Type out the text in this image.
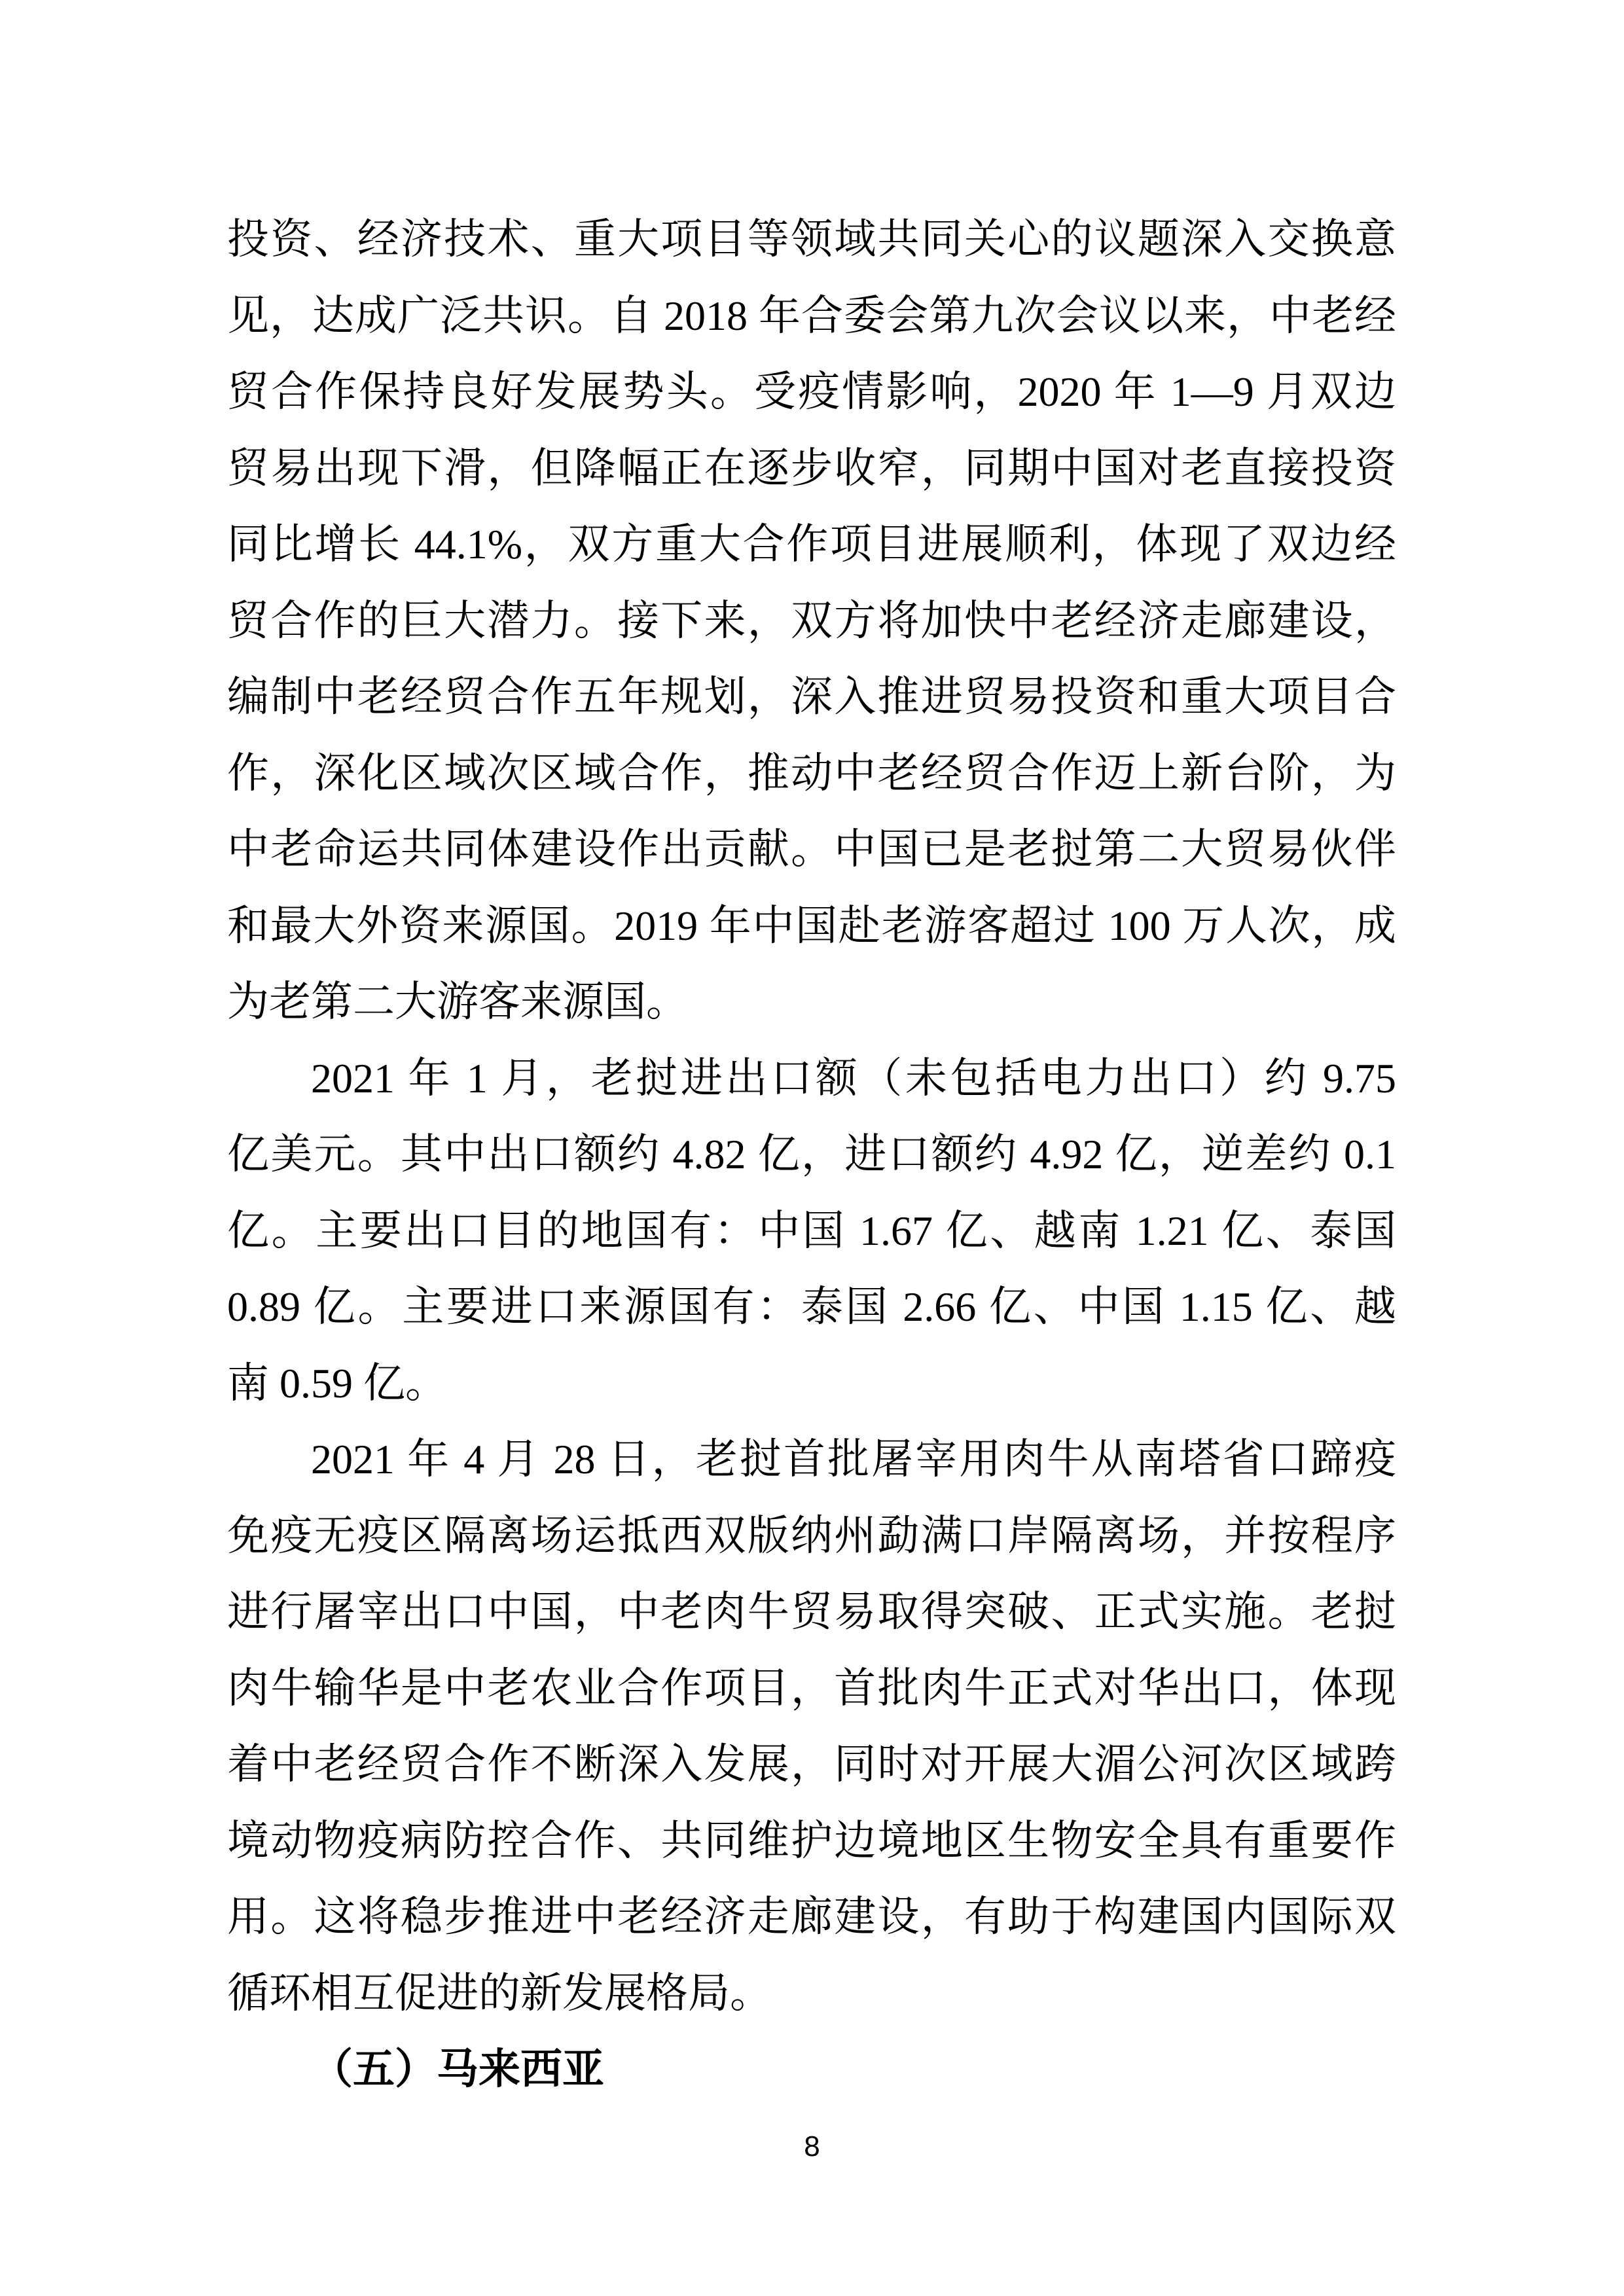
投资、经济技术、重大项目等领域共同关心的议题深入交换意
见，达成广泛共识。自 2018 年合委会第九次会议以来，中老经
贸合作保持良好发展势头。受疫情影响，2020 年 1—9 月双边
贸易出现下滑，但降幅正在逐步收窄，同期中国对老直接投资
同比增长 44.1%，双方重大合作项目进展顺利，体现了双边经
贸合作的巨大潜力。接下来，双方将加快中老经济走廊建设，
编制中老经贸合作五年规划，深入推进贸易投资和重大项目合
作，深化区域次区域合作，推动中老经贸合作迈上新台阶，为
中老命运共同体建设作出贡献。中国已是老挝第二大贸易伙伴
和最大外资来源国。2019 年中国赴老游客超过 100 万人次，成
为老第二大游客来源国。
2021 年 1 月，老挝进出口额（未包括电力出口）约 9.75
亿美元。其中出口额约 4.82 亿，进口额约 4.92 亿，逆差约 0.1
亿。主要出口目的地国有：中国 1.67 亿、越南 1.21 亿、泰国
0.89 亿。主要进口来源国有：泰国 2.66 亿、中国 1.15 亿、越
南 0.59 亿。
2021 年 4 月 28 日，老挝首批屠宰用肉牛从南塔省口蹄疫
免疫无疫区隔离场运抵西双版纳州勐满口岸隔离场，并按程序
进行屠宰出口中国，中老肉牛贸易取得突破、正式实施。老挝
肉牛输华是中老农业合作项目，首批肉牛正式对华出口，体现
着中老经贸合作不断深入发展，同时对开展大湄公河次区域跨
境动物疫病防控合作、共同维护边境地区生物安全具有重要作
用。这将稳步推进中老经济走廊建设，有助于构建国内国际双
循环相互促进的新发展格局。
（五）马来西亚
8
